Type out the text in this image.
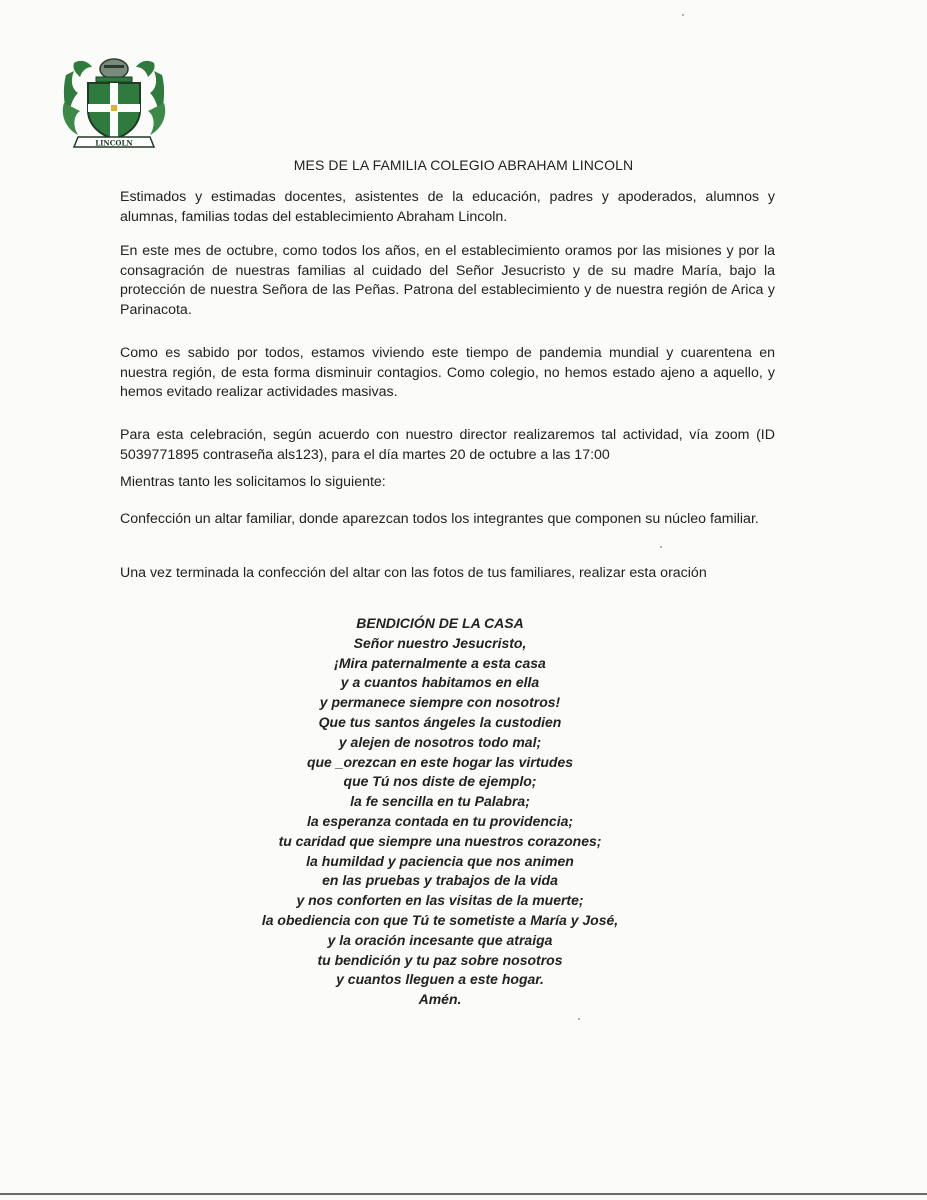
LINCOLN
MES DE LA FAMILIA COLEGIO ABRAHAM LINCOLN

Estimados y estimadas docentes, asistentes de la educación, padres y apoderados, alumnos y alumnas, familias todas del establecimiento Abraham Lincoln.

En este mes de octubre, como todos los años, en el establecimiento oramos por las misiones y por la consagración de nuestras familias al cuidado del Señor Jesucristo y de su madre María, bajo la protección de nuestra Señora de las Peñas. Patrona del establecimiento y de nuestra región de Arica y Parinacota.

Como es sabido por todos, estamos viviendo este tiempo de pandemia mundial y cuarentena en nuestra región, de esta forma disminuir contagios. Como colegio, no hemos estado ajeno a aquello, y hemos evitado realizar actividades masivas.

Para esta celebración, según acuerdo con nuestro director realizaremos tal actividad, vía zoom (ID 5039771895 contraseña als123), para el día martes 20 de octubre a las 17:00

Mientras tanto les solicitamos lo siguiente:

Confección un altar familiar, donde aparezcan todos los integrantes que componen su núcleo familiar.

Una vez terminada la confección del altar con las fotos de tus familiares, realizar esta oración

BENDICIÓN DE LA CASA
Señor nuestro Jesucristo,
¡Mira paternalmente a esta casa
y a cuantos habitamos en ella
y permanece siempre con nosotros!
Que tus santos ángeles la custodien
y alejen de nosotros todo mal;
que _orezcan en este hogar las virtudes
que Tú nos diste de ejemplo;
la fe sencilla en tu Palabra;
la esperanza contada en tu providencia;
tu caridad que siempre una nuestros corazones;
la humildad y paciencia que nos animen
en las pruebas y trabajos de la vida
y nos conforten en las visitas de la muerte;
la obediencia con que Tú te sometiste a María y José,
y la oración incesante que atraiga
tu bendición y tu paz sobre nosotros
y cuantos lleguen a este hogar.
Amén.
